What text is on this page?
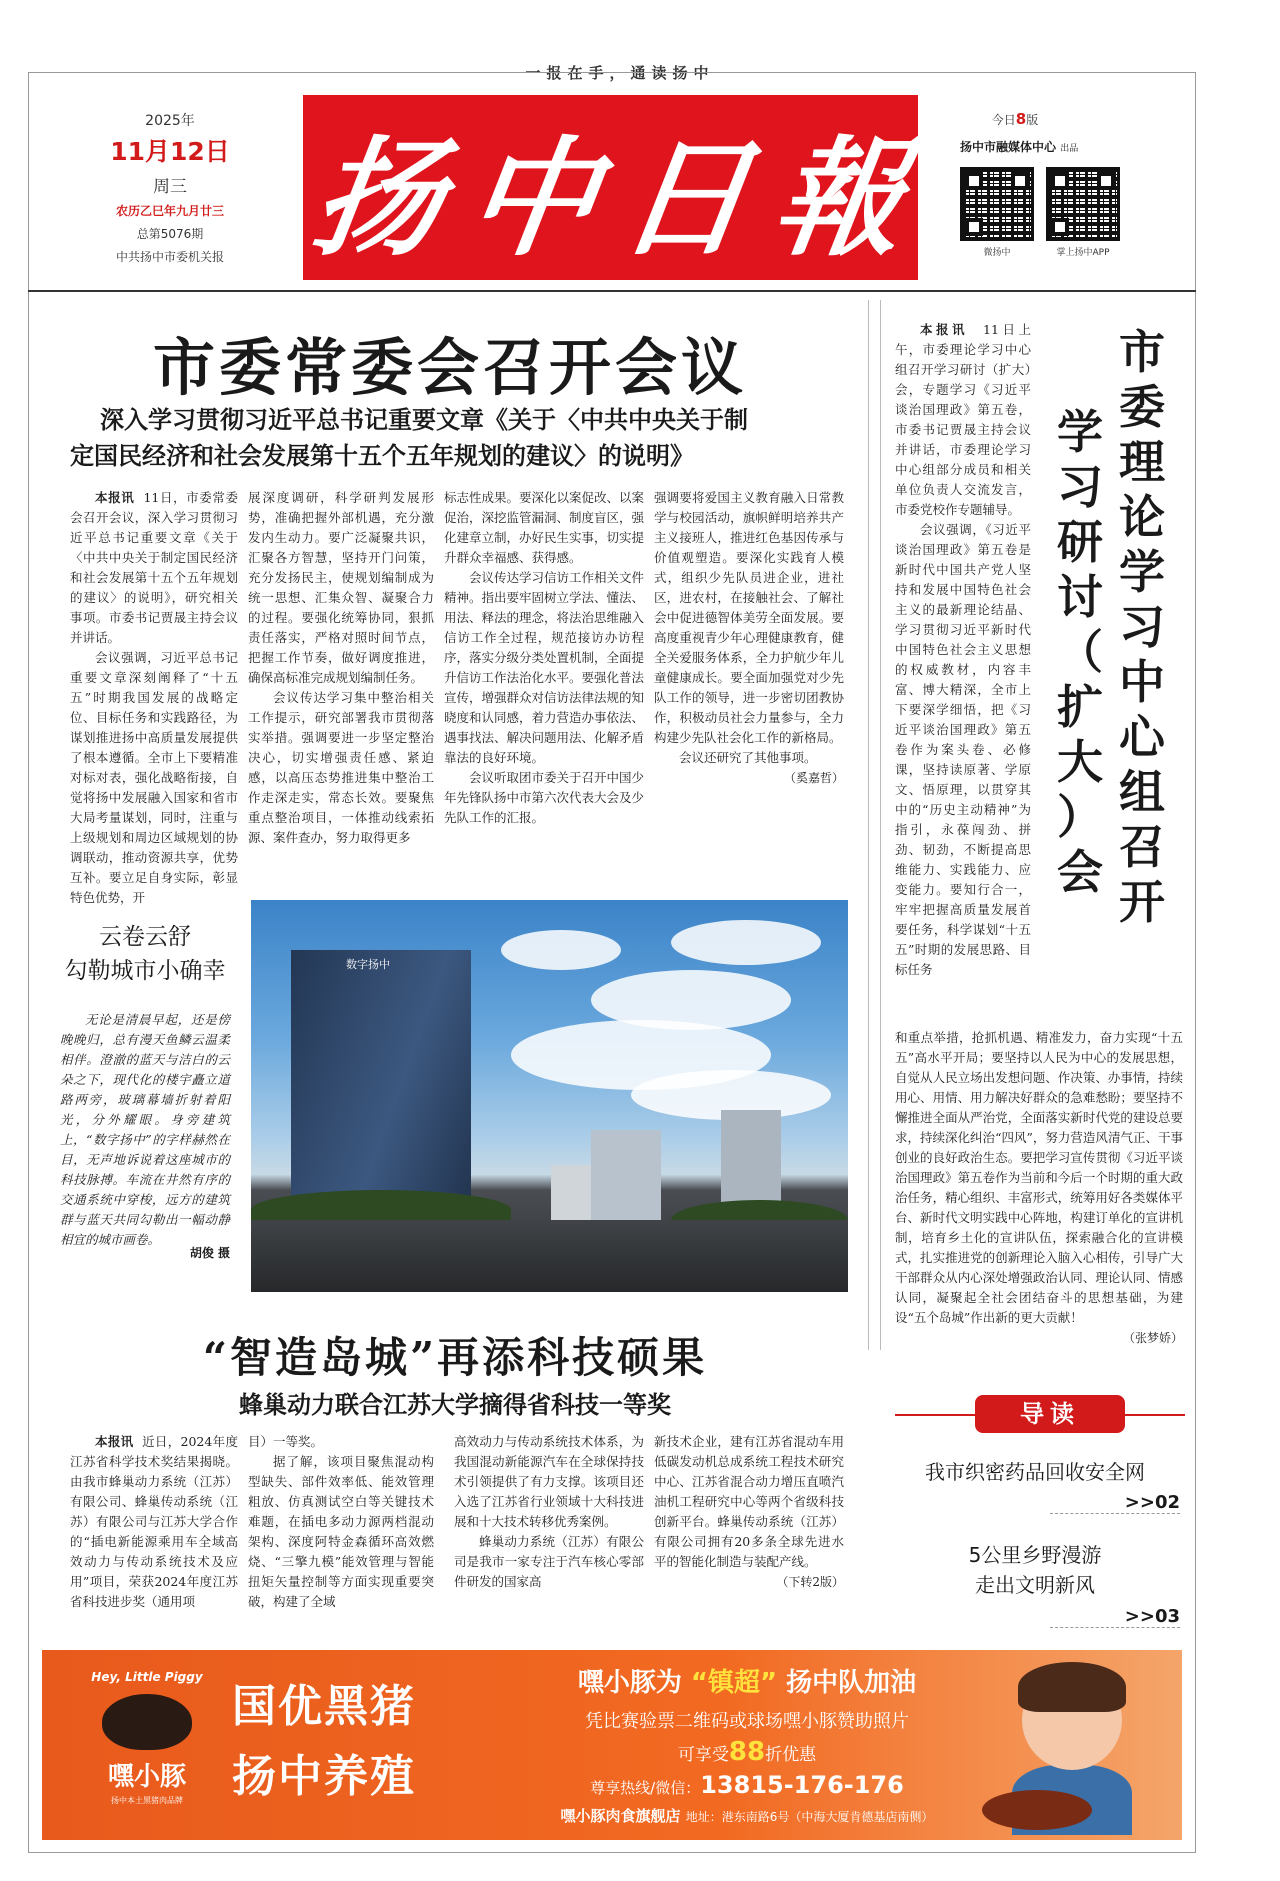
一报在手，通读扬中
2025年
11月12日
周三
农历乙巳年九月廿三
总第5076期
中共扬中市委机关报 扬 中 日 報
今日8版
扬中市融媒体中心 出品
微扬中	掌上扬中APP
市委常委会召开会议
深入学习贯彻习近平总书记重要文章《关于〈中共中央关于制
定国民经济和社会发展第十五个五年规划的建议〉的说明》

本报讯 11日，市委常委会召开会议，深入学习贯彻习近平总书记重要文章《关于〈中共中央关于制定国民经济和社会发展第十五个五年规划的建议〉的说明》，研究相关事项。市委书记贾晟主持会议并讲话。

会议强调，习近平总书记重要文章深刻阐释了“十五五”时期我国发展的战略定位、目标任务和实践路径，为谋划推进扬中高质量发展提供了根本遵循。全市上下要精准对标对表，强化战略衔接，自觉将扬中发展融入国家和省市大局考量谋划，同时，注重与上级规划和周边区域规划的协调联动，推动资源共享，优势互补。要立足自身实际，彰显特色优势，开

展深度调研，科学研判发展形势，准确把握外部机遇，充分激发内生动力。要广泛凝聚共识，汇聚各方智慧，坚持开门问策，充分发扬民主，使规划编制成为统一思想、汇集众智、凝聚合力的过程。要强化统筹协同，狠抓责任落实，严格对照时间节点，把握工作节奏，做好调度推进，确保高标准完成规划编制任务。

会议传达学习集中整治相关工作提示，研究部署我市贯彻落实举措。强调要进一步坚定整治决心，切实增强责任感、紧迫感，以高压态势推进集中整治工作走深走实，常态长效。要聚焦重点整治项目，一体推动线索拓源、案件查办，努力取得更多

标志性成果。要深化以案促改、以案促治，深挖监管漏洞、制度盲区，强化建章立制，办好民生实事，切实提升群众幸福感、获得感。

会议传达学习信访工作相关文件精神。指出要牢固树立学法、懂法、用法、释法的理念，将法治思维融入信访工作全过程，规范接访办访程序，落实分级分类处置机制，全面提升信访工作法治化水平。要强化普法宣传，增强群众对信访法律法规的知晓度和认同感，着力营造办事依法、遇事找法、解决问题用法、化解矛盾靠法的良好环境。

会议听取团市委关于召开中国少年先锋队扬中市第六次代表大会及少先队工作的汇报。

强调要将爱国主义教育融入日常教学与校园活动，旗帜鲜明培养共产主义接班人，推进红色基因传承与价值观塑造。要深化实践育人模式，组织少先队员进企业，进社区，进农村，在接触社会、了解社会中促进德智体美劳全面发展。要高度重视青少年心理健康教育，健全关爱服务体系，全力护航少年儿童健康成长。要全面加强党对少先队工作的领导，进一步密切团教协作，积极动员社会力量参与，全力构建少先队社会化工作的新格局。

会议还研究了其他事项。

（奚嘉哲）
数字扬中
云卷云舒
勾勒城市小确幸

无论是清晨早起，还是傍晚晚归，总有漫天鱼鳞云温柔相伴。澄澈的蓝天与洁白的云朵之下，现代化的楼宇矗立道路两旁，玻璃幕墙折射着阳光，分外耀眼。身旁建筑上，“数字扬中”的字样赫然在目，无声地诉说着这座城市的科技脉搏。车流在井然有序的交通系统中穿梭，远方的建筑群与蓝天共同勾勒出一幅动静相宜的城市画卷。

胡俊 摄
“智造岛城”再添科技硕果
蜂巢动力联合江苏大学摘得省科技一等奖

本报讯 近日，2024年度江苏省科学技术奖结果揭晓。由我市蜂巢动力系统（江苏）有限公司、蜂巢传动系统（江苏）有限公司与江苏大学合作的“插电新能源乘用车全域高效动力与传动系统技术及应用”项目，荣获2024年度江苏省科技进步奖（通用项

目）一等奖。

据了解，该项目聚焦混动构型缺失、部件效率低、能效管理粗放、仿真测试空白等关键技术难题，在插电多动力源两档混动架构、深度阿特金森循环高效燃烧、“三擎九模”能效管理与智能扭矩矢量控制等方面实现重要突破，构建了全域

高效动力与传动系统技术体系，为我国混动新能源汽车在全球保持技术引领提供了有力支撑。该项目还入选了江苏省行业领域十大科技进展和十大技术转移优秀案例。

蜂巢动力系统（江苏）有限公司是我市一家专注于汽车核心零部件研发的国家高

新技术企业，建有江苏省混动车用低碳发动机总成系统工程技术研究中心、江苏省混合动力增压直喷汽油机工程研究中心等两个省级科技创新平台。蜂巢传动系统（江苏）有限公司拥有20多条全球先进水平的智能化制造与装配产线。

（下转2版）
市
委
理
论
学
习
中
心
组
召
开
学
习
研
讨
（
扩
大
）
会

本报讯 11日上午，市委理论学习中心组召开学习研讨（扩大）会，专题学习《习近平谈治国理政》第五卷，市委书记贾晟主持会议并讲话，市委理论学习中心组部分成员和相关单位负责人交流发言，市委党校作专题辅导。

会议强调，《习近平谈治国理政》第五卷是新时代中国共产党人坚持和发展中国特色社会主义的最新理论结晶、学习贯彻习近平新时代中国特色社会主义思想的权威教材，内容丰富、博大精深，全市上下要深学细悟，把《习近平谈治国理政》第五卷作为案头卷、必修课，坚持读原著、学原文、悟原理，以贯穿其中的“历史主动精神”为指引，永葆闯劲、拼劲、韧劲，不断提高思维能力、实践能力、应变能力。要知行合一，牢牢把握高质量发展首要任务，科学谋划“十五五”时期的发展思路、目标任务

和重点举措，抢抓机遇、精准发力，奋力实现“十五五”高水平开局；要坚持以人民为中心的发展思想，自觉从人民立场出发想问题、作决策、办事情，持续用心、用情、用力解决好群众的急难愁盼；要坚持不懈推进全面从严治党，全面落实新时代党的建设总要求，持续深化纠治“四风”，努力营造风清气正、干事创业的良好政治生态。要把学习宣传贯彻《习近平谈治国理政》第五卷作为当前和今后一个时期的重大政治任务，精心组织、丰富形式，统筹用好各类媒体平台、新时代文明实践中心阵地，构建订单化的宣讲机制，培育乡土化的宣讲队伍，探索融合化的宣讲模式，扎实推进党的创新理论入脑入心相传，引导广大干部群众从内心深处增强政治认同、理论认同、情感认同，凝聚起全社会团结奋斗的思想基础，为建设“五个岛城”作出新的更大贡献！

（张梦娇）
导读
我市织密药品回收安全网
>>02
5公里乡野漫游
走出文明新风
>>03
Hey, Little Piggy
嘿小豚
扬中本土黑猪肉品牌
国优黑猪
扬中养殖
嘿小豚为 “镇超” 扬中队加油
凭比赛验票二维码或球场嘿小豚赞助照片
可享受88折优惠
尊享热线/微信：13815-176-176
嘿小豚肉食旗舰店 地址：港东南路6号（中海大厦肯德基店南侧）
